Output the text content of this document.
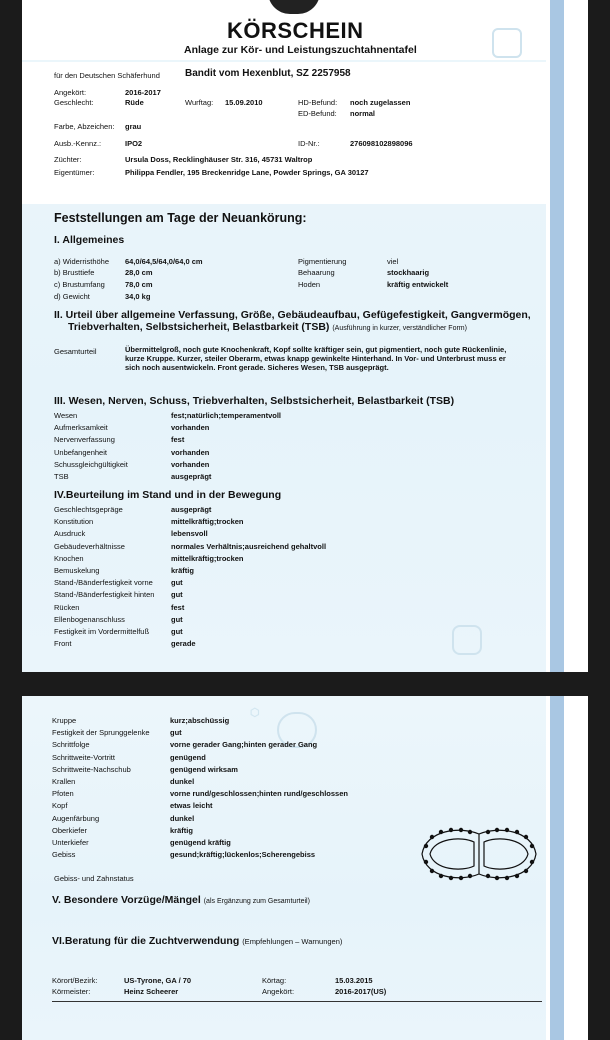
KÖRSCHEIN
Anlage zur Kör- und Leistungszuchtahnentafel
für den Deutschen Schäferhund	Bandit vom Hexenblut, SZ 2257958
Angekört:	2016-2017
Geschlecht:	Rüde	Wurftag: 15.09.2010	HD-Befund: noch zugelassen
ED-Befund: normal
Farbe, Abzeichen: grau
Ausb.-Kennz.:	IPO2	ID-Nr.:	276098102898096
Züchter:	Ursula Doss, Recklinghäuser Str. 316, 45731 Waltrop
Eigentümer:	Philippa Fendler, 195 Breckenridge Lane, Powder Springs, GA 30127
Feststellungen am Tage der Neuankörung:
I. Allgemeines
a) Widerristhöhe 64,0/64,5/64,0/64,0 cm
b) Brusttiefe	28,0 cm
c) Brustumfang	78,0 cm
d) Gewicht	34,0 kg
Pigmentierung	viel
Behaarung	stockhaarig
Hoden	kräftig entwickelt
II. Urteil über allgemeine Verfassung, Größe, Gebäudeaufbau, Gefügefestigkeit, Gangvermögen,
Triebverhalten, Selbstsicherheit, Belastbarkeit (TSB) (Ausführung in kurzer, verständlicher Form)
Gesamturteil	Übermittelgroß, noch gute Knochenkraft, Kopf sollte kräftiger sein, gut pigmentiert, noch gute Rückenlinie, kurze Kruppe. Kurzer, steiler Oberarm, etwas knapp gewinkelte Hinterhand. In Vor- und Unterbrust muss er sich noch ausentwickeln. Front gerade. Sicheres Wesen, TSB ausgeprägt.
III. Wesen, Nerven, Schuss, Triebverhalten, Selbstsicherheit, Belastbarkeit (TSB)
Wesen	fest;natürlich;temperamentvoll
Aufmerksamkeit	vorhanden
Nervenverfassung	fest
Unbefangenheit	vorhanden
Schussgleichgültigkeit	vorhanden
TSB	ausgeprägt
IV.Beurteilung im Stand und in der Bewegung
Geschlechtsgepräge	ausgeprägt
Konstitution	mittelkräftig;trocken
Ausdruck	lebensvoll
Gebäudeverhältnisse	normales Verhältnis;ausreichend gehaltvoll
Knochen	mittelkräftig;trocken
Bemuskelung	kräftig
Stand-/Bänderfestigkeit vorne gut
Stand-/Bänderfestigkeit hinten gut
Rücken	fest
Ellenbogenanschluss	gut
Festigkeit im Vordermittelfuß	gut
Front	gerade
⬡
Kruppe	kurz;abschüssig
Festigkeit der Sprunggelenke	gut
Schrittfolge	vorne gerader Gang;hinten gerader Gang
Schrittweite-Vortritt	genügend
Schrittweite-Nachschub	genügend wirksam
Krallen	dunkel
Pfoten	vorne rund/geschlossen;hinten rund/geschlossen
Kopf	etwas leicht
Augenfärbung	dunkel
Oberkiefer	kräftig
Unterkiefer	genügend kräftig
Gebiss	gesund;kräftig;lückenlos;Scherengebiss
Gebiss- und Zahnstatus
V. Besondere Vorzüge/Mängel (als Ergänzung zum Gesamturteil)
VI.Beratung für die Zuchtverwendung (Empfehlungen – Warnungen)
Körort/Bezirk:	US-Tyrone, GA / 70	Körtag:	15.03.2015
Körmeister:	Heinz Scheerer	Angekört:	2016-2017(US)
